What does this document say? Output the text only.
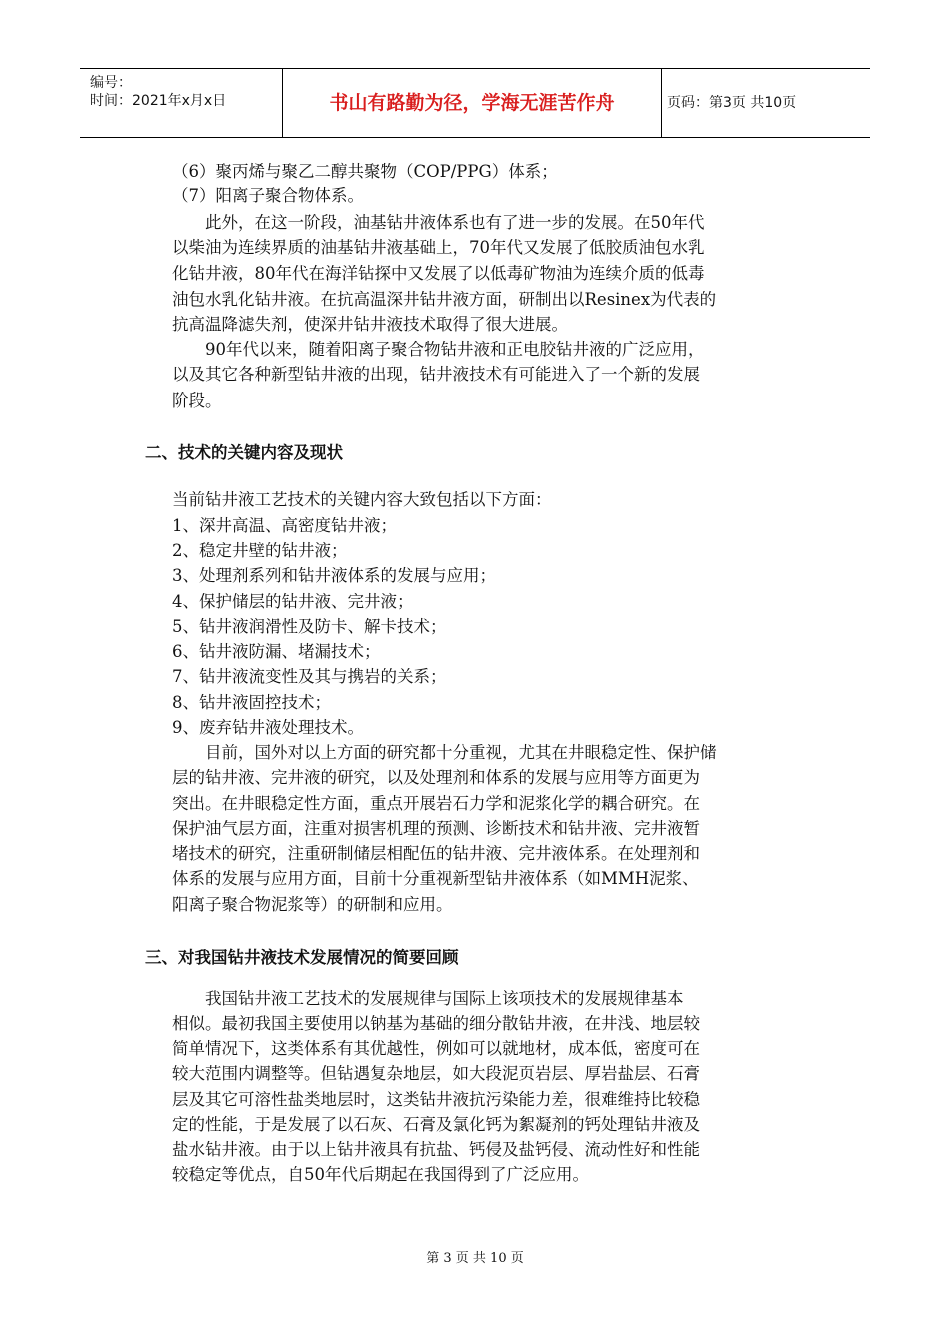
编号：
时间：2021年x月x日	书山有路勤为径，学海无涯苦作舟	页码：第3页 共10页
（6）聚丙烯与聚乙二醇共聚物（COP/PPG）体系；
（7）阳离子聚合物体系。
　　此外，在这一阶段，油基钻井液体系也有了进一步的发展。在50年代
以柴油为连续界质的油基钻井液基础上，70年代又发展了低胶质油包水乳
化钻井液，80年代在海洋钻探中又发展了以低毒矿物油为连续介质的低毒
油包水乳化钻井液。在抗高温深井钻井液方面，研制出以Resinex为代表的
抗高温降滤失剂，使深井钻井液技术取得了很大进展。
　　90年代以来，随着阳离子聚合物钻井液和正电胶钻井液的广泛应用，
以及其它各种新型钻井液的出现，钻井液技术有可能进入了一个新的发展
阶段。
二、技术的关键内容及现状
当前钻井液工艺技术的关键内容大致包括以下方面：
1、深井高温、高密度钻井液；
2、稳定井壁的钻井液；
3、处理剂系列和钻井液体系的发展与应用；
4、保护储层的钻井液、完井液；
5、钻井液润滑性及防卡、解卡技术；
6、钻井液防漏、堵漏技术；
7、钻井液流变性及其与携岩的关系；
8、钻井液固控技术；
9、废弃钻井液处理技术。
　　目前，国外对以上方面的研究都十分重视，尤其在井眼稳定性、保护储
层的钻井液、完井液的研究，以及处理剂和体系的发展与应用等方面更为
突出。在井眼稳定性方面，重点开展岩石力学和泥浆化学的耦合研究。在
保护油气层方面，注重对损害机理的预测、诊断技术和钻井液、完井液暂
堵技术的研究，注重研制储层相配伍的钻井液、完井液体系。在处理剂和
体系的发展与应用方面，目前十分重视新型钻井液体系（如MMH泥浆、
阳离子聚合物泥浆等）的研制和应用。
三、对我国钻井液技术发展情况的简要回顾
　　我国钻井液工艺技术的发展规律与国际上该项技术的发展规律基本
相似。最初我国主要使用以钠基为基础的细分散钻井液，在井浅、地层较
简单情况下，这类体系有其优越性，例如可以就地材，成本低，密度可在
较大范围内调整等。但钻遇复杂地层，如大段泥页岩层、厚岩盐层、石膏
层及其它可溶性盐类地层时，这类钻井液抗污染能力差，很难维持比较稳
定的性能，于是发展了以石灰、石膏及氯化钙为絮凝剂的钙处理钻井液及
盐水钻井液。由于以上钻井液具有抗盐、钙侵及盐钙侵、流动性好和性能
较稳定等优点，自50年代后期起在我国得到了广泛应用。
第 3 页 共 10 页
